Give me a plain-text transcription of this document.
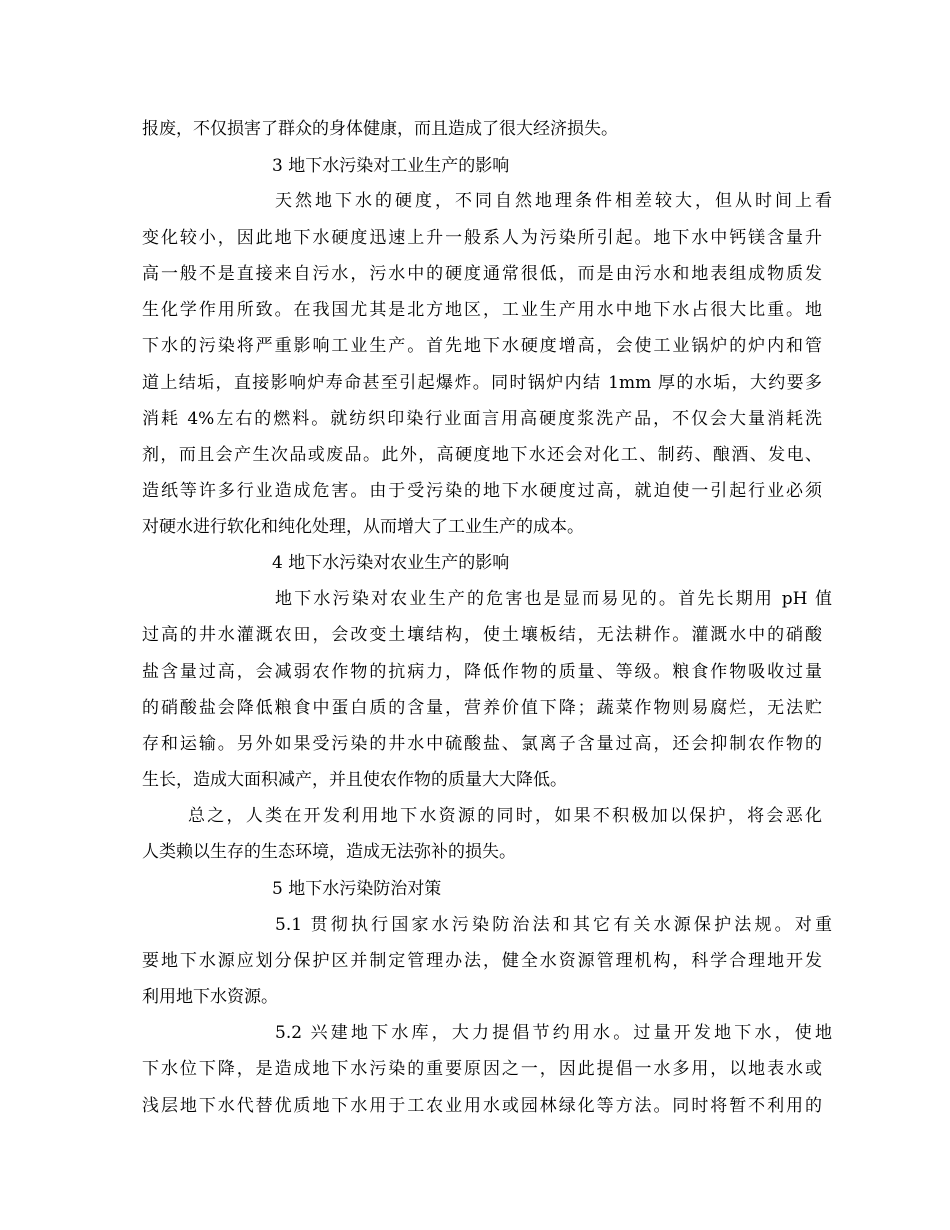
报废，不仅损害了群众的身体健康，而且造成了很大经济损失。
3 地下水污染对工业生产的影响
天然地下水的硬度，不同自然地理条件相差较大，但从时间上看
变化较小，因此地下水硬度迅速上升一般系人为污染所引起。地下水中钙镁含量升
高一般不是直接来自污水，污水中的硬度通常很低，而是由污水和地表组成物质发
生化学作用所致。在我国尤其是北方地区，工业生产用水中地下水占很大比重。地
下水的污染将严重影响工业生产。首先地下水硬度增高，会使工业锅炉的炉内和管
道上结垢，直接影响炉寿命甚至引起爆炸。同时锅炉内结 1mm 厚的水垢，大约要多
消耗 4%左右的燃料。就纺织印染行业面言用高硬度浆洗产品，不仅会大量消耗洗
剂，而且会产生次品或废品。此外，高硬度地下水还会对化工、制药、酿酒、发电、
造纸等许多行业造成危害。由于受污染的地下水硬度过高，就迫使一引起行业必须
对硬水进行软化和纯化处理，从而增大了工业生产的成本。
4 地下水污染对农业生产的影响
地下水污染对农业生产的危害也是显而易见的。首先长期用 pH 值
过高的井水灌溉农田，会改变土壤结构，使土壤板结，无法耕作。灌溉水中的硝酸
盐含量过高，会减弱农作物的抗病力，降低作物的质量、等级。粮食作物吸收过量
的硝酸盐会降低粮食中蛋白质的含量，营养价值下降；蔬菜作物则易腐烂，无法贮
存和运输。另外如果受污染的井水中硫酸盐、氯离子含量过高，还会抑制农作物的
生长，造成大面积减产，并且使农作物的质量大大降低。
总之，人类在开发利用地下水资源的同时，如果不积极加以保护，将会恶化
人类赖以生存的生态环境，造成无法弥补的损失。
5 地下水污染防治对策
5.1 贯彻执行国家水污染防治法和其它有关水源保护法规。对重
要地下水源应划分保护区并制定管理办法，健全水资源管理机构，科学合理地开发
利用地下水资源。
5.2 兴建地下水库，大力提倡节约用水。过量开发地下水，使地
下水位下降，是造成地下水污染的重要原因之一，因此提倡一水多用，以地表水或
浅层地下水代替优质地下水用于工农业用水或园林绿化等方法。同时将暂不利用的
